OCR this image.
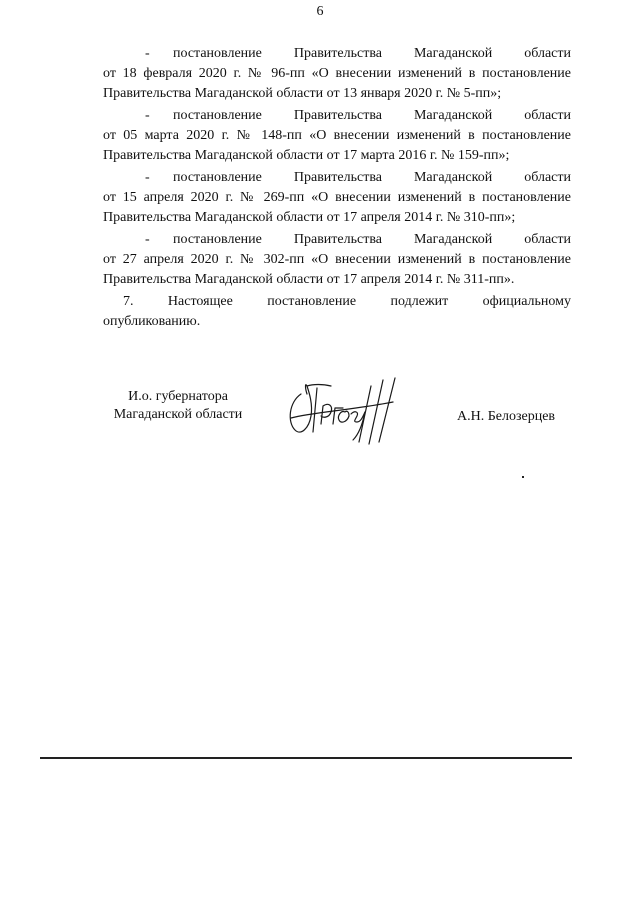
6
- постановление Правительства Магаданской области
от 18 февраля 2020 г. № 96-пп «О внесении изменений в постановление
Правительства Магаданской области от 13 января 2020 г. № 5-пп»;
- постановление Правительства Магаданской области
от 05 марта 2020 г. № 148-пп «О внесении изменений в постановление
Правительства Магаданской области от 17 марта 2016 г. № 159-пп»;
- постановление Правительства Магаданской области
от 15 апреля 2020 г. № 269-пп «О внесении изменений в постановление
Правительства Магаданской области от 17 апреля 2014 г. № 310-пп»;
- постановление Правительства Магаданской области
от 27 апреля 2020 г. № 302-пп «О внесении изменений в постановление
Правительства Магаданской области от 17 апреля 2014 г. № 311-пп».
7. Настоящее постановление подлежит официальному
опубликованию.
И.о. губернатора
Магаданской области	А.Н. Белозерцев
